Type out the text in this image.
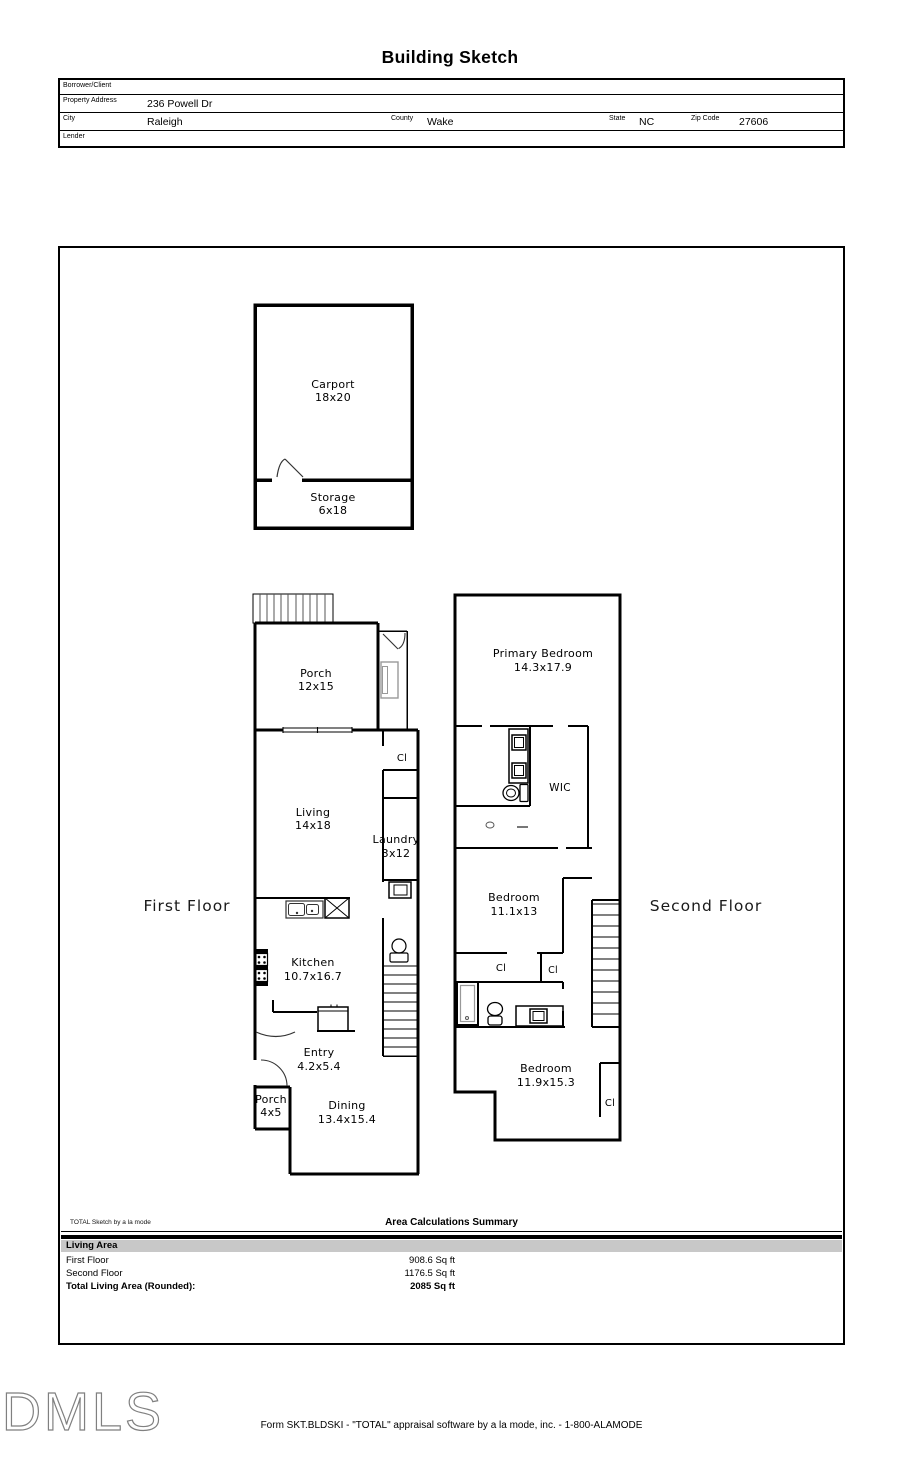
Building Sketch
Borrower/Client
Property Address	236 Powell Dr
City	Raleigh	County Wake	State NC	Zip Code 27606
Lender
Carport
18x20
Storage
6x18
Porch
12x15
Cl
Living
14x18
Laundry
3x12
Kitchen
10.7x16.7
Entry
4.2x5.4
Porch
4x5
Dining
13.4x15.4
Primary Bedroom
14.3x17.9
WIC
Bedroom
11.1x13
Cl	Cl
Bedroom
11.9x15.3
Cl
First Floor	Second Floor
TOTAL Sketch by a la mode	Area Calculations Summary
Living Area
First Floor	908.6 Sq ft
Second Floor	1176.5 Sq ft
Total Living Area (Rounded):	2085 Sq ft
DMLS	Form SKT.BLDSKI - "TOTAL" appraisal software by a la mode, inc. - 1-800-ALAMODE
